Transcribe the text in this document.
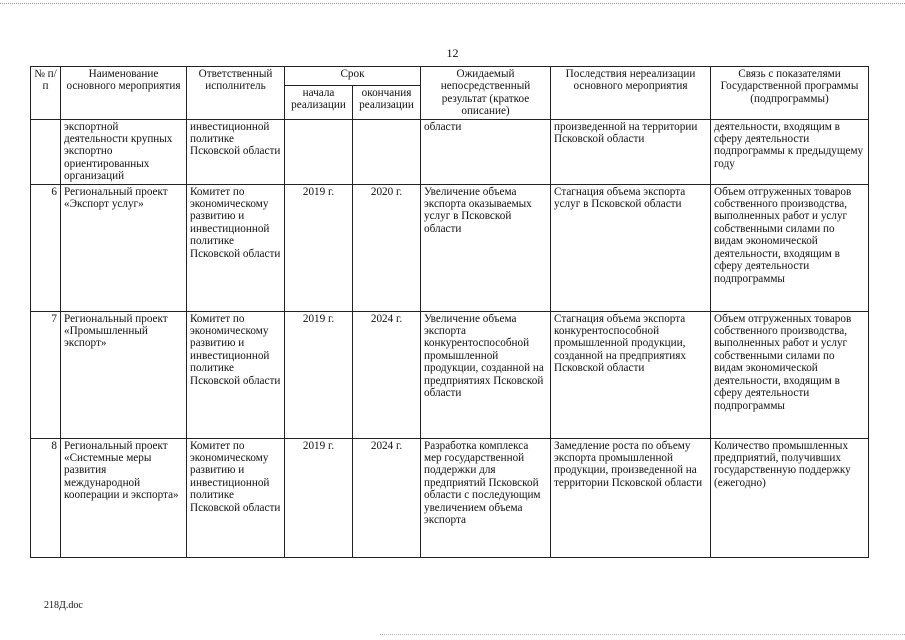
12
№ п/п	Наименование основного мероприятия	Ответственный исполнитель	Срок		Ожидаемый непосредственный результат (краткое описание)	Последствия нереализации основного мероприятия	Связь с показателями Государственной программы (подпрограммы)
			начала реализации	окончания реализации			
	экспортной деятельности крупных экспортно ориентированных организаций	инвестиционной политике Псковской области			области	произведенной на территории Псковской области	деятельности, входящим в сферу деятельности подпрограммы к предыдущему году
6	Региональный проект «Экспорт услуг»	Комитет по экономическому развитию и инвестиционной политике Псковской области	2019 г.	2020 г.	Увеличение объема экспорта оказываемых услуг в Псковской области	Стагнация объема экспорта услуг в Псковской области	Объем отгруженных товаров собственного производства, выполненных работ и услуг собственными силами по видам экономической деятельности, входящим в сферу деятельности подпрограммы
7	Региональный проект «Промышленный экспорт»	Комитет по экономическому развитию и инвестиционной политике Псковской области	2019 г.	2024 г.	Увеличение объема экспорта конкурентоспособной промышленной продукции, созданной на предприятиях Псковской области	Стагнация объема экспорта конкурентоспособной промышленной продукции, созданной на предприятиях Псковской области	Объем отгруженных товаров собственного производства, выполненных работ и услуг собственными силами по видам экономической деятельности, входящим в сферу деятельности подпрограммы
8	Региональный проект «Системные меры развития международной кооперации и экспорта»	Комитет по экономическому развитию и инвестиционной политике Псковской области	2019 г.	2024 г.	Разработка комплекса мер государственной поддержки для предприятий Псковской области с последующим увеличением объема экспорта	Замедление роста по объему экспорта промышленной продукции, произведенной на территории Псковской области	Количество промышленных предприятий, получивших государственную поддержку (ежегодно)
218Д.doc
